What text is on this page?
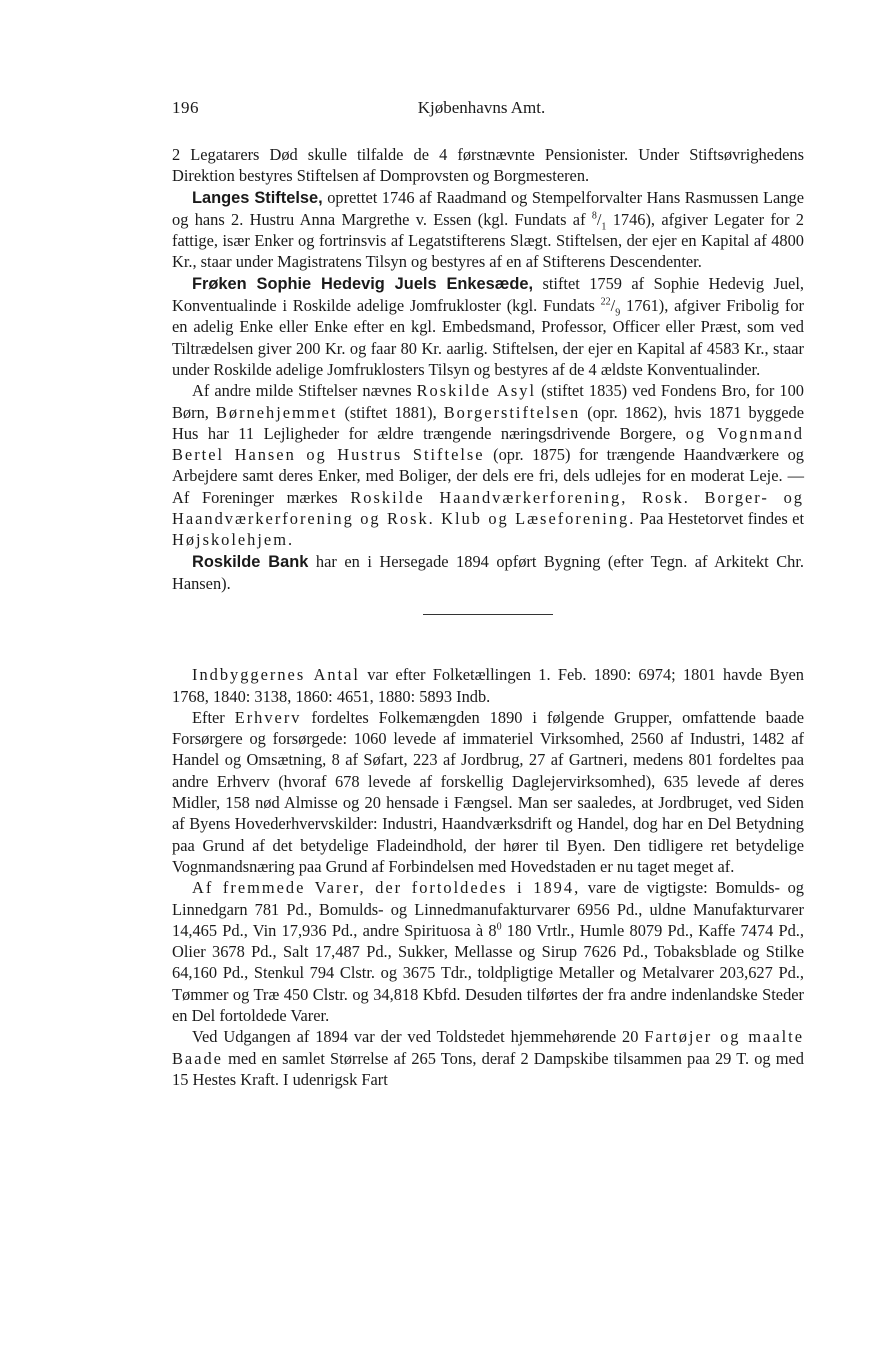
196	Kjøbenhavns Amt.

2 Legatarers Død skulle tilfalde de 4 førstnævnte Pensionister. Under Stiftsøvrighedens Direktion bestyres Stiftelsen af Domprovsten og Borgmesteren.

Langes Stiftelse, oprettet 1746 af Raadmand og Stempelforvalter Hans Rasmussen Lange og hans 2. Hustru Anna Margrethe v. Essen (kgl. Fundats af $^8/_1$ 1746), afgiver Legater for 2 fattige, især Enker og fortrinsvis af Legatstifterens Slægt. Stiftelsen, der ejer en Kapital af 4800 Kr., staar under Magistratens Tilsyn og bestyres af en af Stifterens Descendenter.

Frøken Sophie Hedevig Juels Enkesæde, stiftet 1759 af Sophie Hedevig Juel, Konventualinde i Roskilde adelige Jomfrukloster (kgl. Fundats $^{22}/_9$ 1761), afgiver Fribolig for en adelig Enke eller Enke efter en kgl. Embedsmand, Professor, Officer eller Præst, som ved Tiltrædelsen giver 200 Kr. og faar 80 Kr. aarlig. Stiftelsen, der ejer en Kapital af 4583 Kr., staar under Roskilde adelige Jomfruklosters Tilsyn og bestyres af de 4 ældste Konventualinder.

Af andre milde Stiftelser nævnes Roskilde Asyl (stiftet 1835) ved Fondens Bro, for 100 Børn, Børnehjemmet (stiftet 1881), Borgerstiftelsen (opr. 1862), hvis 1871 byggede Hus har 11 Lejligheder for ældre trængende næringsdrivende Borgere, og Vognmand Bertel Hansen og Hustrus Stiftelse (opr. 1875) for trængende Haandværkere og Arbejdere samt deres Enker, med Boliger, der dels ere fri, dels udlejes for en moderat Leje. — Af Foreninger mærkes Roskilde Haandværkerforening, Rosk. Borger- og Haandværkerforening og Rosk. Klub og Læseforening. Paa Hestetorvet findes et Højskolehjem.

Roskilde Bank har en i Hersegade 1894 opført Bygning (efter Tegn. af Arkitekt Chr. Hansen).

Indbyggernes Antal var efter Folketællingen 1. Feb. 1890: 6974; 1801 havde Byen 1768, 1840: 3138, 1860: 4651, 1880: 5893 Indb.

Efter Erhverv fordeltes Folkemængden 1890 i følgende Grupper, omfattende baade Forsørgere og forsørgede: 1060 levede af immateriel Virksomhed, 2560 af Industri, 1482 af Handel og Omsætning, 8 af Søfart, 223 af Jordbrug, 27 af Gartneri, medens 801 fordeltes paa andre Erhverv (hvoraf 678 levede af forskellig Daglejervirksomhed), 635 levede af deres Midler, 158 nød Almisse og 20 hensade i Fængsel. Man ser saaledes, at Jordbruget, ved Siden af Byens Hovederhvervskilder: Industri, Haandværksdrift og Handel, dog har en Del Betydning paa Grund af det betydelige Fladeindhold, der hører til Byen. Den tidligere ret betydelige Vognmandsnæring paa Grund af Forbindelsen med Hovedstaden er nu taget meget af.

Af fremmede Varer, der fortoldedes i 1894, vare de vigtigste: Bomulds- og Linnedgarn 781 Pd., Bomulds- og Linnedmanufakturvarer 6956 Pd., uldne Manufakturvarer 14,465 Pd., Vin 17,936 Pd., andre Spirituosa à $8^0$ 180 Vrtlr., Humle 8079 Pd., Kaffe 7474 Pd., Olier 3678 Pd., Salt 17,487 Pd., Sukker, Mellasse og Sirup 7626 Pd., Tobaksblade og Stilke 64,160 Pd., Stenkul 794 Clstr. og 3675 Tdr., toldpligtige Metaller og Metalvarer 203,627 Pd., Tømmer og Træ 450 Clstr. og 34,818 Kbfd. Desuden tilførtes der fra andre indenlandske Steder en Del fortoldede Varer.

Ved Udgangen af 1894 var der ved Toldstedet hjemmehørende 20 Fartøjer og maalte Baade med en samlet Størrelse af 265 Tons, deraf 2 Dampskibe tilsammen paa 29 T. og med 15 Hestes Kraft. I udenrigsk Fart
